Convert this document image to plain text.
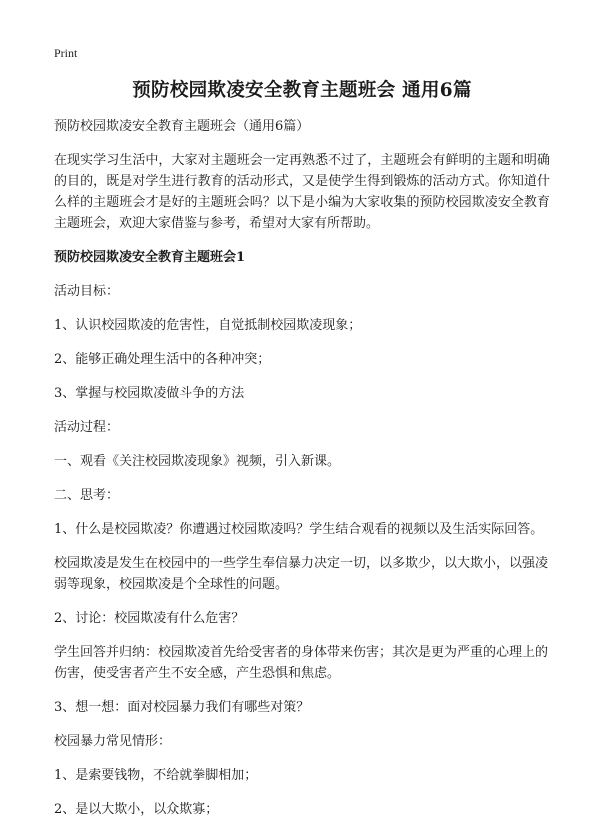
Print
预防校园欺凌安全教育主题班会 通用6篇

预防校园欺凌安全教育主题班会（通用6篇）

在现实学习生活中，大家对主题班会一定再熟悉不过了，主题班会有鲜明的主题和明确的目的，既是对学生进行教育的活动形式，又是使学生得到锻炼的活动方式。你知道什么样的主题班会才是好的主题班会吗？以下是小编为大家收集的预防校园欺凌安全教育主题班会，欢迎大家借鉴与参考，希望对大家有所帮助。

预防校园欺凌安全教育主题班会1

活动目标：

1、认识校园欺凌的危害性，自觉抵制校园欺凌现象；

2、能够正确处理生活中的各种冲突；

3、掌握与校园欺凌做斗争的方法

活动过程：

一、观看《关注校园欺凌现象》视频，引入新课。

二、思考：

1、什么是校园欺凌？你遭遇过校园欺凌吗？学生结合观看的视频以及生活实际回答。

校园欺凌是发生在校园中的一些学生奉信暴力决定一切，以多欺少，以大欺小，以强凌弱等现象，校园欺凌是个全球性的问题。

2、讨论：校园欺凌有什么危害？

学生回答并归纳：校园欺凌首先给受害者的身体带来伤害；其次是更为严重的心理上的伤害，使受害者产生不安全感，产生恐惧和焦虑。

3、想一想：面对校园暴力我们有哪些对策？

校园暴力常见情形：

1、是索要钱物，不给就拳脚相加；

2、是以大欺小，以众欺寡；
